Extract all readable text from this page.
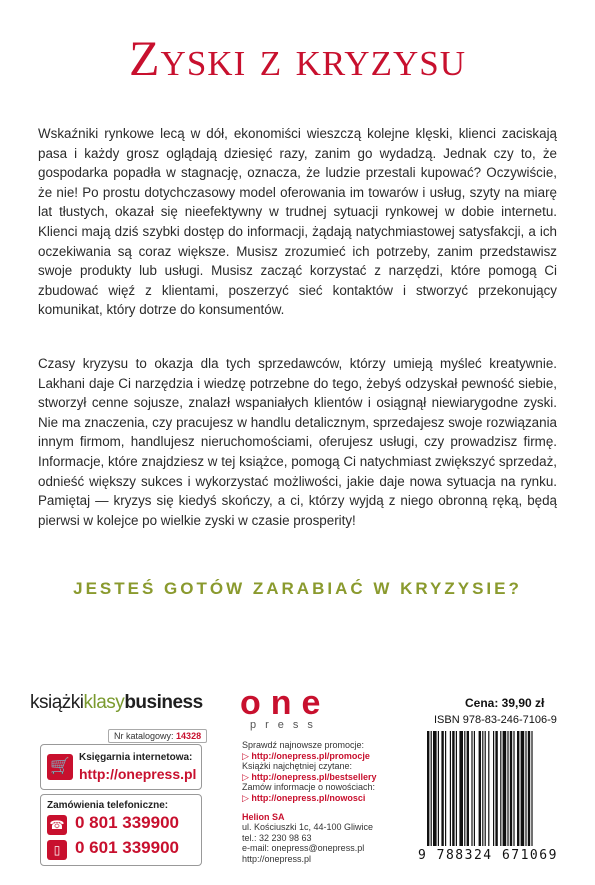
Zyski z kryzysu
Wskaźniki rynkowe lecą w dół, ekonomiści wieszczą kolejne klęski, klienci zaciskają pasa i każdy grosz oglądają dziesięć razy, zanim go wydadzą. Jednak czy to, że gospodarka popadła w stagnację, oznacza, że ludzie przestali kupować? Oczywiście, że nie! Po prostu dotychczasowy model oferowania im towarów i usług, szyty na miarę lat tłustych, okazał się nieefektywny w trudnej sytuacji rynkowej w dobie internetu. Klienci mają dziś szybki dostęp do informacji, żądają natychmiastowej satysfakcji, a ich oczekiwania są coraz większe. Musisz zrozumieć ich potrzeby, zanim przedstawisz swoje produkty lub usługi. Musisz zacząć korzystać z narzędzi, które pomogą Ci zbudować więź z klientami, poszerzyć sieć kontaktów i stworzyć przekonujący komunikat, który dotrze do konsumentów.
Czasy kryzysu to okazja dla tych sprzedawców, którzy umieją myśleć kreatywnie. Lakhani daje Ci narzędzia i wiedzę potrzebne do tego, żebyś odzyskał pewność siebie, stworzył cenne sojusze, znalazł wspaniałych klientów i osiągnął niewiarygodne zyski. Nie ma znaczenia, czy pracujesz w handlu detalicznym, sprzedajesz swoje rozwiązania innym firmom, handlujesz nieruchomościami, oferujesz usługi, czy prowadzisz firmę. Informacje, które znajdziesz w tej książce, pomogą Ci natychmiast zwiększyć sprzedaż, odnieść większy sukces i wykorzystać możliwości, jakie daje nowa sytuacja na rynku. Pamiętaj — kryzys się kiedyś skończy, a ci, którzy wyjdą z niego obronną ręką, będą pierwsi w kolejce po wielkie zyski w czasie prosperity!
JESTEŚ GOTÓW ZARABIAĆ W KRYZYSIE?
książkiklasybusiness
Nr katalogowy: 14328
🛒
Księgarnia internetowa:
http://onepress.pl
Zamówienia telefoniczne:
☎ 0 801 339900
▯ 0 601 339900
one
press
Sprawdź najnowsze promocje:
▷ http://onepress.pl/promocje
Książki najchętniej czytane:
▷ http://onepress.pl/bestsellery
Zamów informacje o nowościach:
▷ http://onepress.pl/nowosci
Helion SA
ul. Kościuszki 1c, 44-100 Gliwice
tel.: 32 230 98 63
e-mail: onepress@onepress.pl
http://onepress.pl
Cena: 39,90 zł
ISBN 978-83-246-7106-9
9 788324 671069
